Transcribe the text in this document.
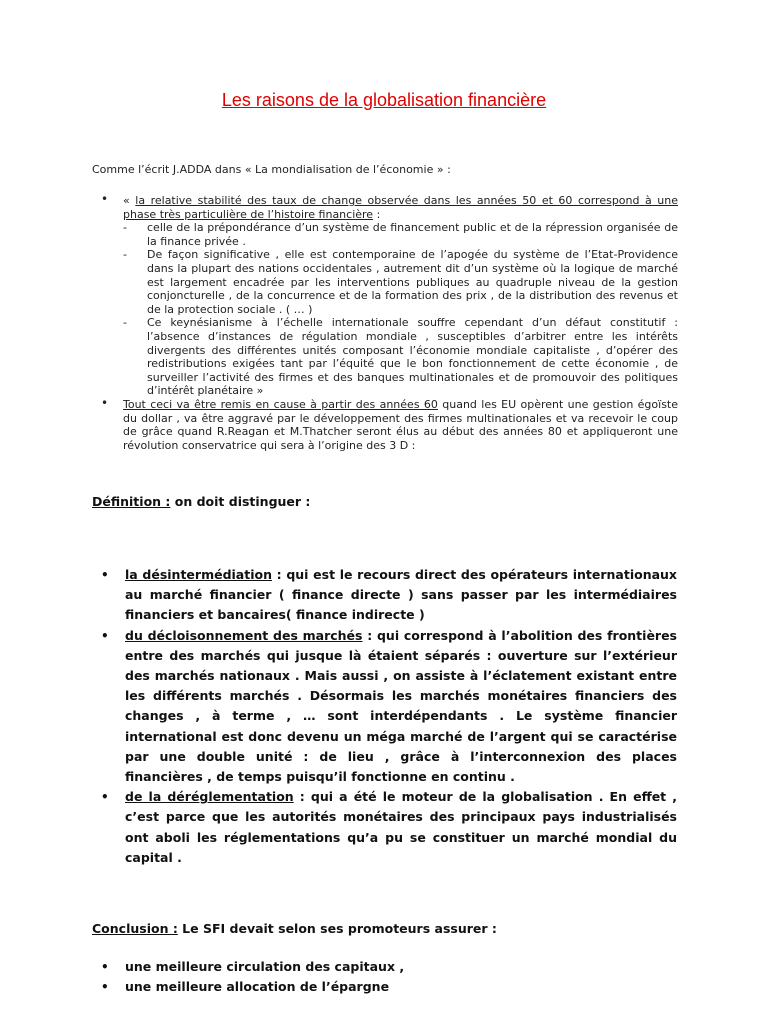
Les raisons de la globalisation financière
Comme l’écrit J.ADDA dans « La mondialisation de l’économie » :
• « la relative stabilité des taux de change observée dans les années 50 et 60 correspond à une phase très particulière de l’histoire financière :
- celle de la prépondérance d’un système de financement public et de la répression organisée de la finance privée .
- De façon significative , elle est contemporaine de l’apogée du système de l’Etat-Providence dans la plupart des nations occidentales , autrement dit d’un système où la logique de marché est largement encadrée par les interventions publiques au quadruple niveau de la gestion conjoncturelle , de la concurrence et de la formation des prix , de la distribution des revenus et de la protection sociale . ( … )
- Ce keynésianisme à l’échelle internationale souffre cependant d’un défaut constitutif : l’absence d’instances de régulation mondiale , susceptibles d’arbitrer entre les intérêts divergents des différentes unités composant l’économie mondiale capitaliste , d’opérer des redistributions exigées tant par l’équité que le bon fonctionnement de cette économie , de surveiller l’activité des firmes et des banques multinationales et de promouvoir des politiques d’intérêt planétaire »
• Tout ceci va être remis en cause à partir des années 60 quand les EU opèrent une gestion égoïste du dollar , va être aggravé par le développement des firmes multinationales et va recevoir le coup de grâce quand R.Reagan et M.Thatcher seront élus au début des années 80 et appliqueront une révolution conservatrice qui sera à l’origine des 3 D :
Définition : on doit distinguer :
• la désintermédiation : qui est le recours direct des opérateurs internationaux au marché financier ( finance directe ) sans passer par les intermédiaires financiers et bancaires( finance indirecte )
• du décloisonnement des marchés : qui correspond à l’abolition des frontières entre des marchés qui jusque là étaient séparés : ouverture sur l’extérieur des marchés nationaux . Mais aussi , on assiste à l’éclatement existant entre les différents marchés . Désormais les marchés monétaires financiers des changes , à terme , … sont interdépendants . Le système financier international est donc devenu un méga marché de l’argent qui se caractérise par une double unité : de lieu , grâce à l’interconnexion des places financières , de temps puisqu’il fonctionne en continu .
• de la déréglementation : qui a été le moteur de la globalisation . En effet , c’est parce que les autorités monétaires des principaux pays industrialisés ont aboli les réglementations qu’a pu se constituer un marché mondial du capital .
Conclusion : Le SFI devait selon ses promoteurs assurer :
• une meilleure circulation des capitaux ,
• une meilleure allocation de l’épargne
